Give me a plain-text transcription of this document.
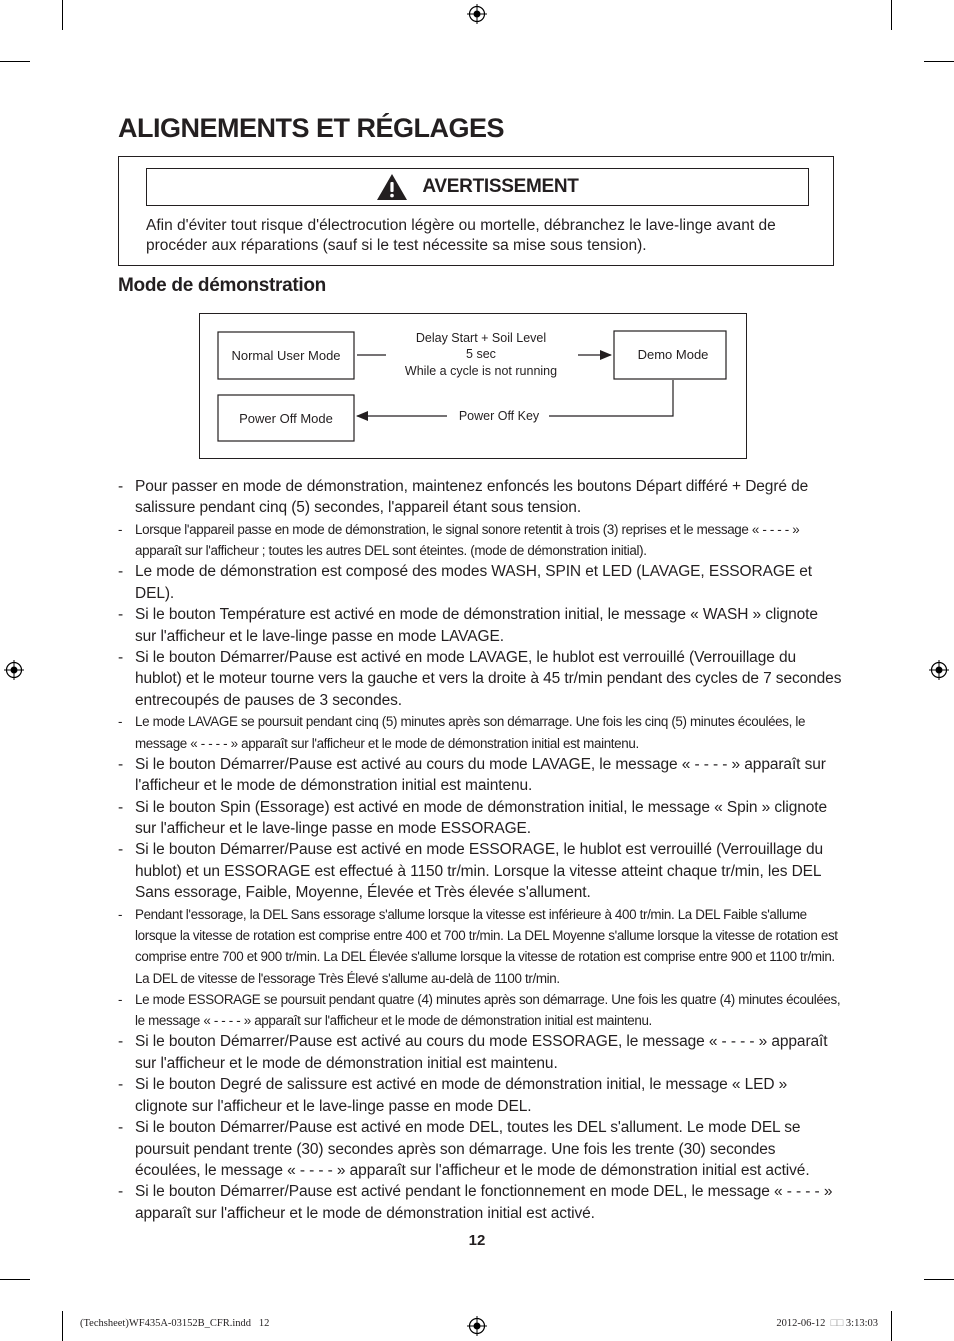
ALIGNEMENTS ET RÉGLAGES
AVERTISSEMENT
Afin d'éviter tout risque d'électrocution légère ou mortelle, débranchez le lave-linge avant de procéder aux réparations (sauf si le test nécessite sa mise sous tension).
Mode de démonstration
Normal User Mode	Demo Mode
Power Off Mode
Delay Start + Soil Level
5 sec
While a cycle is not running
Power Off Key
- Pour passer en mode de démonstration, maintenez enfoncés les boutons Départ différé + Degré de salissure pendant cinq (5) secondes, l'appareil étant sous tension.
- Lorsque l'appareil passe en mode de démonstration, le signal sonore retentit à trois (3) reprises et le message « - - - - » apparaît sur l'afficheur ; toutes les autres DEL sont éteintes. (mode de démonstration initial).
- Le mode de démonstration est composé des modes WASH, SPIN et LED (LAVAGE, ESSORAGE et DEL).
- Si le bouton Température est activé en mode de démonstration initial, le message « WASH » clignote sur l'afficheur et le lave-linge passe en mode LAVAGE.
- Si le bouton Démarrer/Pause est activé en mode LAVAGE, le hublot est verrouillé (Verrouillage du hublot) et le moteur tourne vers la gauche et vers la droite à 45 tr/min pendant des cycles de 7 secondes entrecoupés de pauses de 3 secondes.
- Le mode LAVAGE se poursuit pendant cinq (5) minutes après son démarrage. Une fois les cinq (5) minutes écoulées, le message « - - - - » apparaît sur l'afficheur et le mode de démonstration initial est maintenu.
- Si le bouton Démarrer/Pause est activé au cours du mode LAVAGE, le message « - - - - » apparaît sur l'afficheur et le mode de démonstration initial est maintenu.
- Si le bouton Spin (Essorage) est activé en mode de démonstration initial, le message « Spin » clignote sur l'afficheur et le lave-linge passe en mode ESSORAGE.
- Si le bouton Démarrer/Pause est activé en mode ESSORAGE, le hublot est verrouillé (Verrouillage du hublot) et un ESSORAGE est effectué à 1150 tr/min. Lorsque la vitesse atteint chaque tr/min, les DEL Sans essorage, Faible, Moyenne, Élevée et Très élevée s'allument.
- Pendant l'essorage, la DEL Sans essorage s'allume lorsque la vitesse est inférieure à 400 tr/min. La DEL Faible s'allume lorsque la vitesse de rotation est comprise entre 400 et 700 tr/min. La DEL Moyenne s'allume lorsque la vitesse de rotation est comprise entre 700 et 900 tr/min. La DEL Élevée s'allume lorsque la vitesse de rotation est comprise entre 900 et 1100 tr/min. La DEL de vitesse de l'essorage Très Élevé s'allume au-delà de 1100 tr/min.
- Le mode ESSORAGE se poursuit pendant quatre (4) minutes après son démarrage. Une fois les quatre (4) minutes écoulées, le message « - - - - » apparaît sur l'afficheur et le mode de démonstration initial est maintenu.
- Si le bouton Démarrer/Pause est activé au cours du mode ESSORAGE, le message « - - - - » apparaît sur l'afficheur et le mode de démonstration initial est maintenu.
- Si le bouton Degré de salissure est activé en mode de démonstration initial, le message « LED » clignote sur l'afficheur et le lave-linge passe en mode DEL.
- Si le bouton Démarrer/Pause est activé en mode DEL, toutes les DEL s'allument. Le mode DEL se poursuit pendant trente (30) secondes après son démarrage. Une fois les trente (30) secondes écoulées, le message « - - - - » apparaît sur l'afficheur et le mode de démonstration initial est activé.
- Si le bouton Démarrer/Pause est activé pendant le fonctionnement en mode DEL, le message « - - - - » apparaît sur l'afficheur et le mode de démonstration initial est activé.
12
(Techsheet)WF435A-03152B_CFR.indd   12	2012-06-12 □□ 3:13:03
